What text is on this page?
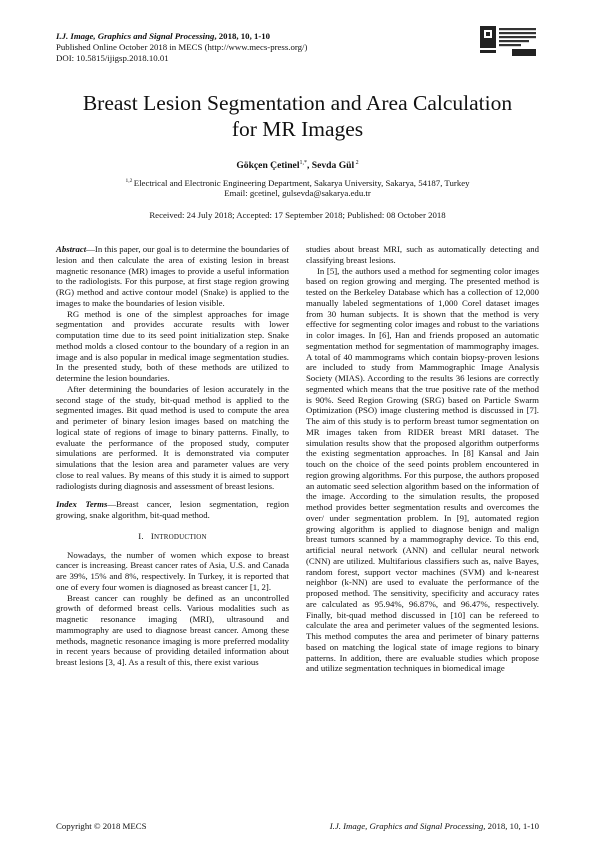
I.J. Image, Graphics and Signal Processing, 2018, 10, 1-10

Published Online October 2018 in MECS (http://www.mecs-press.org/)

DOI: 10.5815/ijigsp.2018.10.01

Breast Lesion Segmentation and Area Calculation
for MR Images

Gökçen Çetinel$^{1,*}$, Sevda Gül $^2$

$^{1,2}$ Electrical and Electronic Engineering Department, Sakarya University, Sakarya, 54187, Turkey

Email: gcetinel, gulsevda@sakarya.edu.tr

Received: 24 July 2018; Accepted: 17 September 2018; Published: 08 October 2018

Abstract—In this paper, our goal is to determine the boundaries of lesion and then calculate the area of existing lesion in breast magnetic resonance (MR) images to provide a useful information to the radiologists. For this purpose, at first stage region growing (RG) method and active contour model (Snake) is applied to the images to make the boundaries of lesion visible.

RG method is one of the simplest approaches for image segmentation and provides accurate results with lower computation time due to its seed point initialization step. Snake method molds a closed contour to the boundary of a region in an image and is also popular in medical image segmentation studies. In the presented study, both of these methods are utilized to determine the lesion boundaries.

After determining the boundaries of lesion accurately in the second stage of the study, bit-quad method is applied to the segmented images. Bit quad method is used to compute the area and perimeter of binary lesion images based on matching the logical state of regions of image to binary patterns. Finally, to evaluate the performance of the proposed study, computer simulations are performed. It is demonstrated via computer simulations that the lesion area and parameter values are very close to real values. By means of this study it is aimed to support radiologists during diagnosis and assessment of breast lesions.

Index Terms—Breast cancer, lesion segmentation, region growing, snake algorithm, bit-quad method.

I. INTRODUCTION

Nowadays, the number of women which expose to breast cancer is increasing. Breast cancer rates of Asia, U.S. and Canada are 39%, 15% and 8%, respectively. In Turkey, it is reported that one of every four women is diagnosed as breast cancer [1, 2].

Breast cancer can roughly be defined as an uncontrolled growth of deformed breast cells. Various modalities such as magnetic resonance imaging (MRI), ultrasound and mammography are used to diagnose breast cancer. Among these methods, magnetic resonance imaging is more preferred modality in recent years because of providing detailed information about breast lesions [3, 4]. As a result of this, there exist various

studies about breast MRI, such as automatically detecting and classifying breast lesions.

In [5], the authors used a method for segmenting color images based on region growing and merging. The presented method is tested on the Berkeley Database which has a collection of 12,000 manually labeled segmentations of 1,000 Corel dataset images from 30 human subjects. It is shown that the method is very effective for segmenting color images and robust to the variations in color images. In [6], Han and friends proposed an automatic segmentation method for segmentation of mammography images. A total of 40 mammograms which contain biopsy-proven lesions are included to study from Mammographic Image Analysis Society (MIAS). According to the results 36 lesions are correctly segmented which means that the true positive rate of the method is 90%. Seed Region Growing (SRG) based on Particle Swarm Optimization (PSO) image clustering method is discussed in [7]. The aim of this study is to perform breast tumor segmentation on MR images taken from RIDER breast MRI dataset. The simulation results show that the proposed algorithm outperforms the existing segmentation approaches. In [8] Kansal and Jain touch on the choice of the seed points problem encountered in region growing algorithms. For this purpose, the authors proposed an automatic seed selection algorithm based on the information of the image. According to the simulation results, the proposed method provides better segmentation results and overcomes the over/ under segmentation problem. In [9], automated region growing algorithm is applied to diagnose benign and malign breast tumors scanned by a mammography device. To this end, artificial neural network (ANN) and cellular neural network (CNN) are utilized. Multifarious classifiers such as, naïve Bayes, random forest, support vector machines (SVM) and k-nearest neighbor (k-NN) are used to evaluate the performance of the proposed method. The sensitivity, specificity and accuracy rates are calculated as 95.94%, 96.87%, and 96.47%, respectively. Finally, bit-quad method discussed in [10] can be refereed to calculate the area and perimeter values of the segmented lesions. This method computes the area and perimeter of binary patterns based on matching the logical state of image regions to binary patterns. In addition, there are evaluable studies which propose and utilize segmentation techniques in biomedical image

Copyright © 2018 MECS	I.J. Image, Graphics and Signal Processing, 2018, 10, 1-10
